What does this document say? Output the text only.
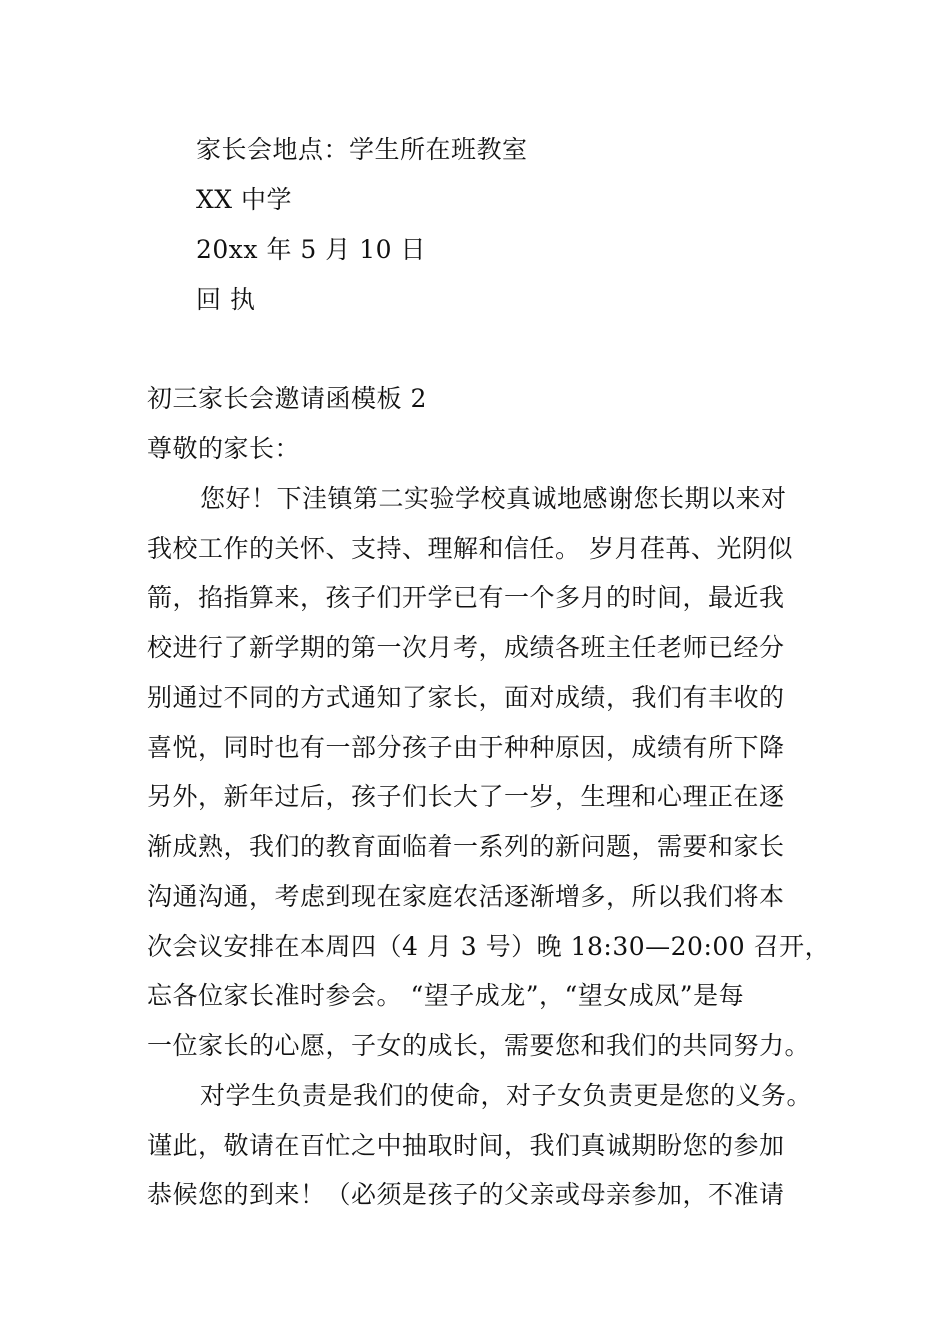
家长会地点：学生所在班教室
XX 中学
20xx 年 5 月 10 日
回 执
初三家长会邀请函模板 2
尊敬的家长：
您好！下洼镇第二实验学校真诚地感谢您长期以来对
我校工作的关怀、支持、理解和信任。 岁月荏苒、光阴似
箭，掐指算来，孩子们开学已有一个多月的时间，最近我
校进行了新学期的第一次月考，成绩各班主任老师已经分
别通过不同的方式通知了家长，面对成绩，我们有丰收的
喜悦，同时也有一部分孩子由于种种原因，成绩有所下降
另外，新年过后，孩子们长大了一岁，生理和心理正在逐
渐成熟，我们的教育面临着一系列的新问题，需要和家长
沟通沟通，考虑到现在家庭农活逐渐增多，所以我们将本
次会议安排在本周四（4 月 3 号）晚 18:30—20:00 召开，
忘各位家长准时参会。 “望子成龙”，“望女成凤”是每
一位家长的心愿，子女的成长，需要您和我们的共同努力。
对学生负责是我们的使命，对子女负责更是您的义务。
谨此，敬请在百忙之中抽取时间，我们真诚期盼您的参加
恭候您的到来！（必须是孩子的父亲或母亲参加，不准请
